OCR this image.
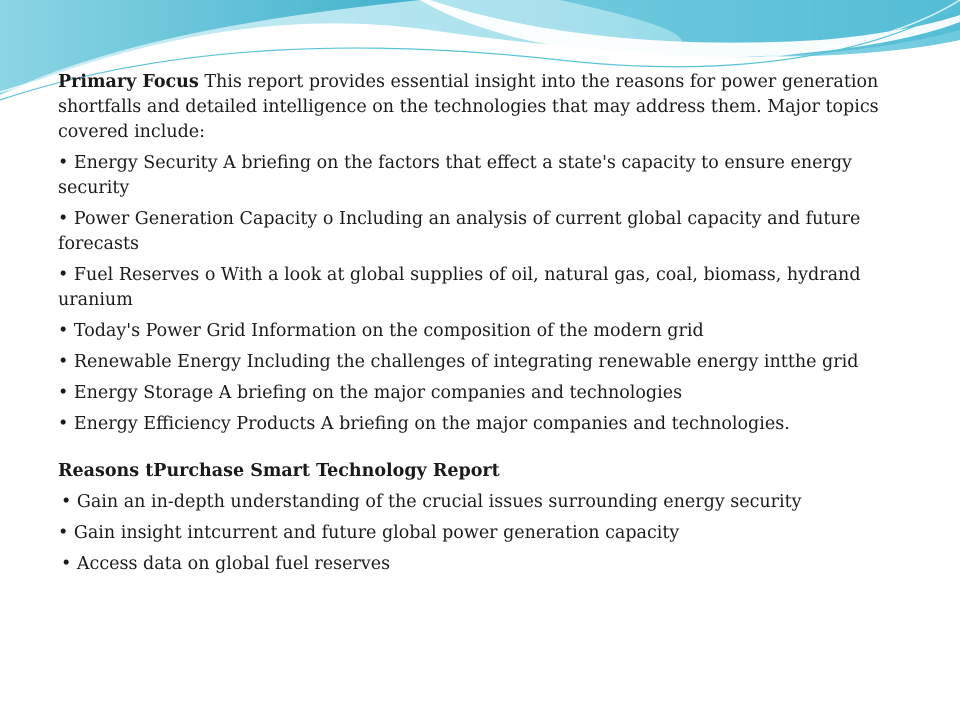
Primary Focus This report provides essential insight into the reasons for power generation shortfalls and detailed intelligence on the technologies that may address them. Major topics covered include:

• Energy Security A briefing on the factors that effect a state's capacity to ensure energy security

• Power Generation Capacity o Including an analysis of current global capacity and future forecasts

• Fuel Reserves o With a look at global supplies of oil, natural gas, coal, biomass, hydrand uranium

• Today's Power Grid Information on the composition of the modern grid

• Renewable Energy Including the challenges of integrating renewable energy intthe grid

• Energy Storage A briefing on the major companies and technologies

• Energy Efficiency Products A briefing on the major companies and technologies.

Reasons tPurchase Smart Technology Report

• Gain an in-depth understanding of the crucial issues surrounding energy security

• Gain insight intcurrent and future global power generation capacity

• Access data on global fuel reserves
